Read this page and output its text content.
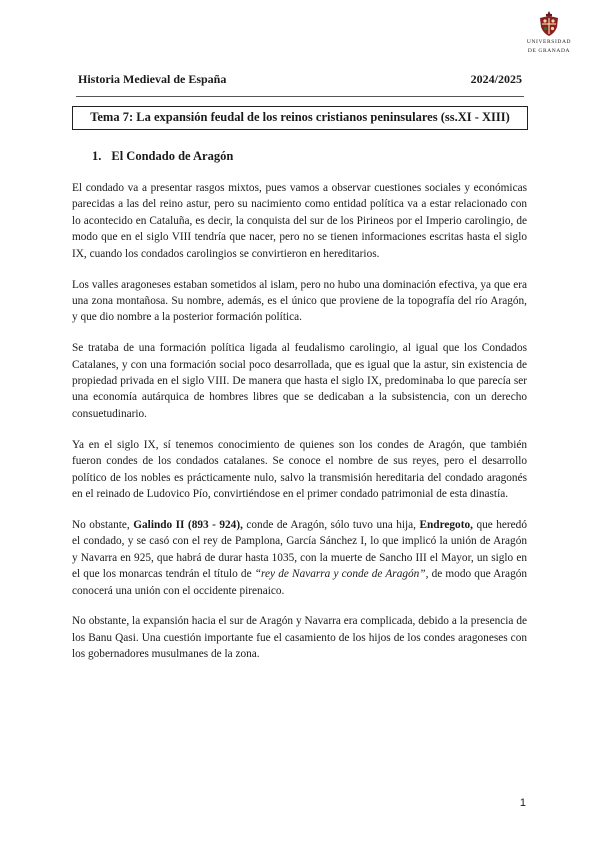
UNIVERSIDAD
DE GRANADA
Historia Medieval de España	2024/2025
Tema 7: La expansión feudal de los reinos cristianos peninsulares (ss.XI - XIII)
1. El Condado de Aragón

El condado va a presentar rasgos mixtos, pues vamos a observar cuestiones sociales y económicas parecidas a las del reino astur, pero su nacimiento como entidad política va a estar relacionado con lo acontecido en Cataluña, es decir, la conquista del sur de los Pirineos por el Imperio carolingio, de modo que en el siglo VIII tendría que nacer, pero no se tienen informaciones escritas hasta el siglo IX, cuando los condados carolingios se convirtieron en hereditarios.

Los valles aragoneses estaban sometidos al islam, pero no hubo una dominación efectiva, ya que era una zona montañosa. Su nombre, además, es el único que proviene de la topografía del río Aragón, y que dio nombre a la posterior formación política.

Se trataba de una formación política ligada al feudalismo carolingio, al igual que los Condados Catalanes, y con una formación social poco desarrollada, que es igual que la astur, sin existencia de propiedad privada en el siglo VIII. De manera que hasta el siglo IX, predominaba lo que parecía ser una economía autárquica de hombres libres que se dedicaban a la subsistencia, con un derecho consuetudinario.

Ya en el siglo IX, sí tenemos conocimiento de quienes son los condes de Aragón, que también fueron condes de los condados catalanes. Se conoce el nombre de sus reyes, pero el desarrollo político de los nobles es prácticamente nulo, salvo la transmisión hereditaria del condado aragonés en el reinado de Ludovico Pío, convirtiéndose en el primer condado patrimonial de esta dinastía.

No obstante, Galindo II (893 - 924), conde de Aragón, sólo tuvo una hija, Endregoto, que heredó el condado, y se casó con el rey de Pamplona, García Sánchez I, lo que implicó la unión de Aragón y Navarra en 925, que habrá de durar hasta 1035, con la muerte de Sancho III el Mayor, un siglo en el que los monarcas tendrán el título de “rey de Navarra y conde de Aragón”, de modo que Aragón conocerá una unión con el occidente pirenaico.

No obstante, la expansión hacia el sur de Aragón y Navarra era complicada, debido a la presencia de los Banu Qasi. Una cuestión importante fue el casamiento de los hijos de los condes aragoneses con los gobernadores musulmanes de la zona.

1
